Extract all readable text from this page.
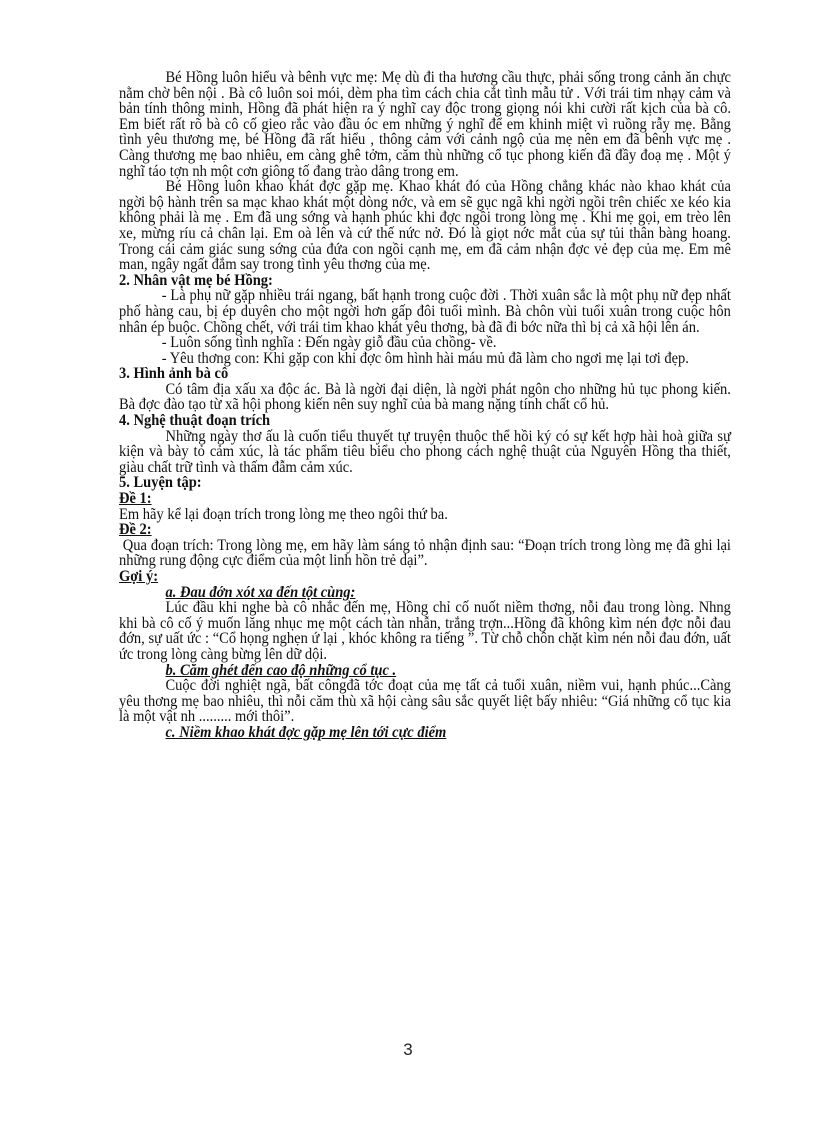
Bé Hồng luôn hiểu và bênh vực mẹ: Mẹ dù đi tha hương cầu thực, phải sống trong cảnh ăn chực nằm chờ bên nội . Bà cô luôn soi mói, dèm pha tìm cách chia cắt tình mẫu tử . Với trái tim nhạy cảm và bản tính thông minh, Hồng đã phát hiện ra ý nghĩ cay độc trong giọng nói khi cười rất kịch của bà cô. Em biết rất rõ bà cô cố gieo rắc vào đầu óc em những ý nghĩ để em khinh miệt vì ruồng rẫy mẹ. Bằng tình yêu thương mẹ, bé Hồng đã rất hiểu , thông cảm với cảnh ngộ của mẹ nên em đã bênh vực mẹ . Càng thương mẹ bao nhiêu, em càng ghê tởm, căm thù những cổ tục phong kiến đã đầy đoạ mẹ . Một ý nghĩ táo tợn nh một cơn giông tố đang trào dâng trong em.

Bé Hồng luôn khao khát đợc gặp mẹ. Khao khát đó của Hồng chẳng khác nào khao khát của ngời bộ hành trên sa mạc khao khát một dòng nớc, và em sẽ gục ngã khi ngời ngồi trên chiếc xe kéo kia không phải là mẹ . Em đã ung sớng và hạnh phúc khi đợc ngồi trong lòng mẹ . Khi mẹ gọi, em trèo lên xe, mừng ríu cả chân lại. Em oà lên và cứ thế nức nở. Đó là giọt nớc mắt của sự tủi thân bàng hoang. Trong cái cảm giác sung sớng của đứa con ngồi cạnh mẹ, em đã cảm nhận đợc vẻ đẹp của mẹ. Em mê man, ngây ngất đắm say trong tình yêu thơng của mẹ.

2. Nhân vật mẹ bé Hồng:

- Là phụ nữ gặp nhiều trái ngang, bất hạnh trong cuộc đời . Thời xuân sắc là một phụ nữ đẹp nhất phố hàng cau, bị ép duyên cho một ngời hơn gấp đôi tuổi mình. Bà chôn vùi tuổi xuân trong cuộc hôn nhân ép buộc. Chồng chết, với trái tim khao khát yêu thơng, bà đã đi bớc nữa thì bị cả xã hội lên án.

- Luôn sống tình nghĩa : Đến ngày giỗ đầu của chồng- về.

- Yêu thơng con: Khi gặp con khi đợc ôm hình hài máu mủ đã làm cho ngơi mẹ lại tơi đẹp.

3. Hình ảnh bà cô

Có tâm địa xấu xa độc ác. Bà là ngời đại diện, là ngời phát ngôn cho những hủ tục phong kiến. Bà đợc đào tạo từ xã hội phong kiến nên suy nghĩ của bà mang nặng tính chất cổ hủ.

4. Nghệ thuật đoạn trích

Những ngày thơ ấu là cuốn tiểu thuyết tự truyện thuộc thể hồi ký có sự kết hợp hài hoà giữa sự kiện và bày tỏ cảm xúc, là tác phẩm tiêu biểu cho phong cách nghệ thuật của Nguyên Hồng tha thiết, giàu chất trữ tình và thấm đẫm cảm xúc.

5. Luyện tập:

Đề 1:

Em hãy kể lại đoạn trích trong lòng mẹ theo ngôi thứ ba.

Đề 2:

Qua đoạn trích: Trong lòng mẹ, em hãy làm sáng tỏ nhận định sau: “Đoạn trích trong lòng mẹ đã ghi lại những rung động cực điểm của một linh hồn trẻ dại”.

Gợi ý:

a. Đau đớn xót xa đến tột cùng:

Lúc đầu khi nghe bà cô nhắc đến mẹ, Hồng chỉ cố nuốt niềm thơng, nỗi đau trong lòng. Nhng khi bà cô cố ý muốn lăng nhục mẹ một cách tàn nhẫn, trắng trợn...Hồng đã không kìm nén đợc nỗi đau đớn, sự uất ức : “Cổ họng nghẹn ứ lại , khóc không ra tiếng ”. Từ chỗ chôn chặt kìm nén nỗi đau đớn, uất ức trong lòng càng bừng lên dữ dội.

b. Căm ghét đến cao độ những cổ tục .

Cuộc đời nghiệt ngã, bất côngđã tớc đoạt của mẹ tất cả tuổi xuân, niềm vui, hạnh phúc...Càng yêu thơng mẹ bao nhiêu, thì nỗi căm thù xã hội càng sâu sắc quyết liệt bấy nhiêu: “Giá những cổ tục kia là một vật nh ......... mới thôi”.

c. Niềm khao khát đợc gặp mẹ lên tới cực điểm

3
